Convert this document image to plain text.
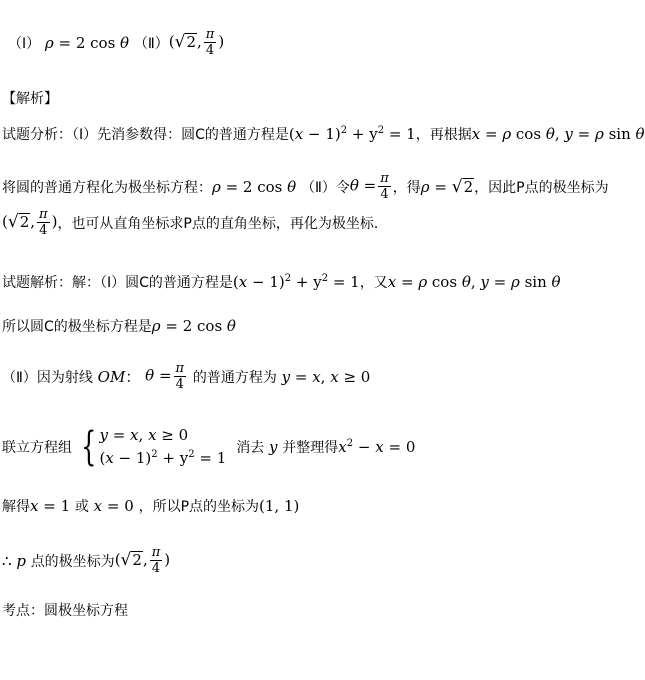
（Ⅰ） ρ = 2 cos θ （Ⅱ） ( √ 2 , $\frac{\pi}{4}$ )
【解析】
试题分析：（Ⅰ）先消参数得：圆C的普通方程是 $(x - 1)^2 + y^2 = 1$ ，再根据 x = ρ cos θ, y = ρ sin θ
将圆的普通方程化为极坐标方程： ρ = 2 cos θ （Ⅱ）令 $\theta = \frac{\pi}{4}$ ，得 ρ = √ 2 ，因此P点的极坐标为
( √ 2 , $\frac{\pi}{4}$ ) ，也可从直角坐标求P点的直角坐标，再化为极坐标．
试题解析：解：（Ⅰ）圆C的普通方程是 $(x - 1)^2 + y^2 = 1$ ，又 x = ρ cos θ, y = ρ sin θ
所以圆C的极坐标方程是 ρ = 2 cos θ
（Ⅱ）因为射线 OM： $\theta = \frac{\pi}{4}$
的普通方程为 y = x, x ≥ 0
联立方程组 { y = x, x ≥ 0
$(x - 1)^2 + y^2 = 1$
消去 y 并整理得 $x^2 - x = 0$
解得 x = 1 或 x = 0 ，所以P点的坐标为 (1, 1)
∴ p 点的极坐标为 ( √ 2 , $\frac{\pi}{4}$ )
考点：圆极坐标方程
